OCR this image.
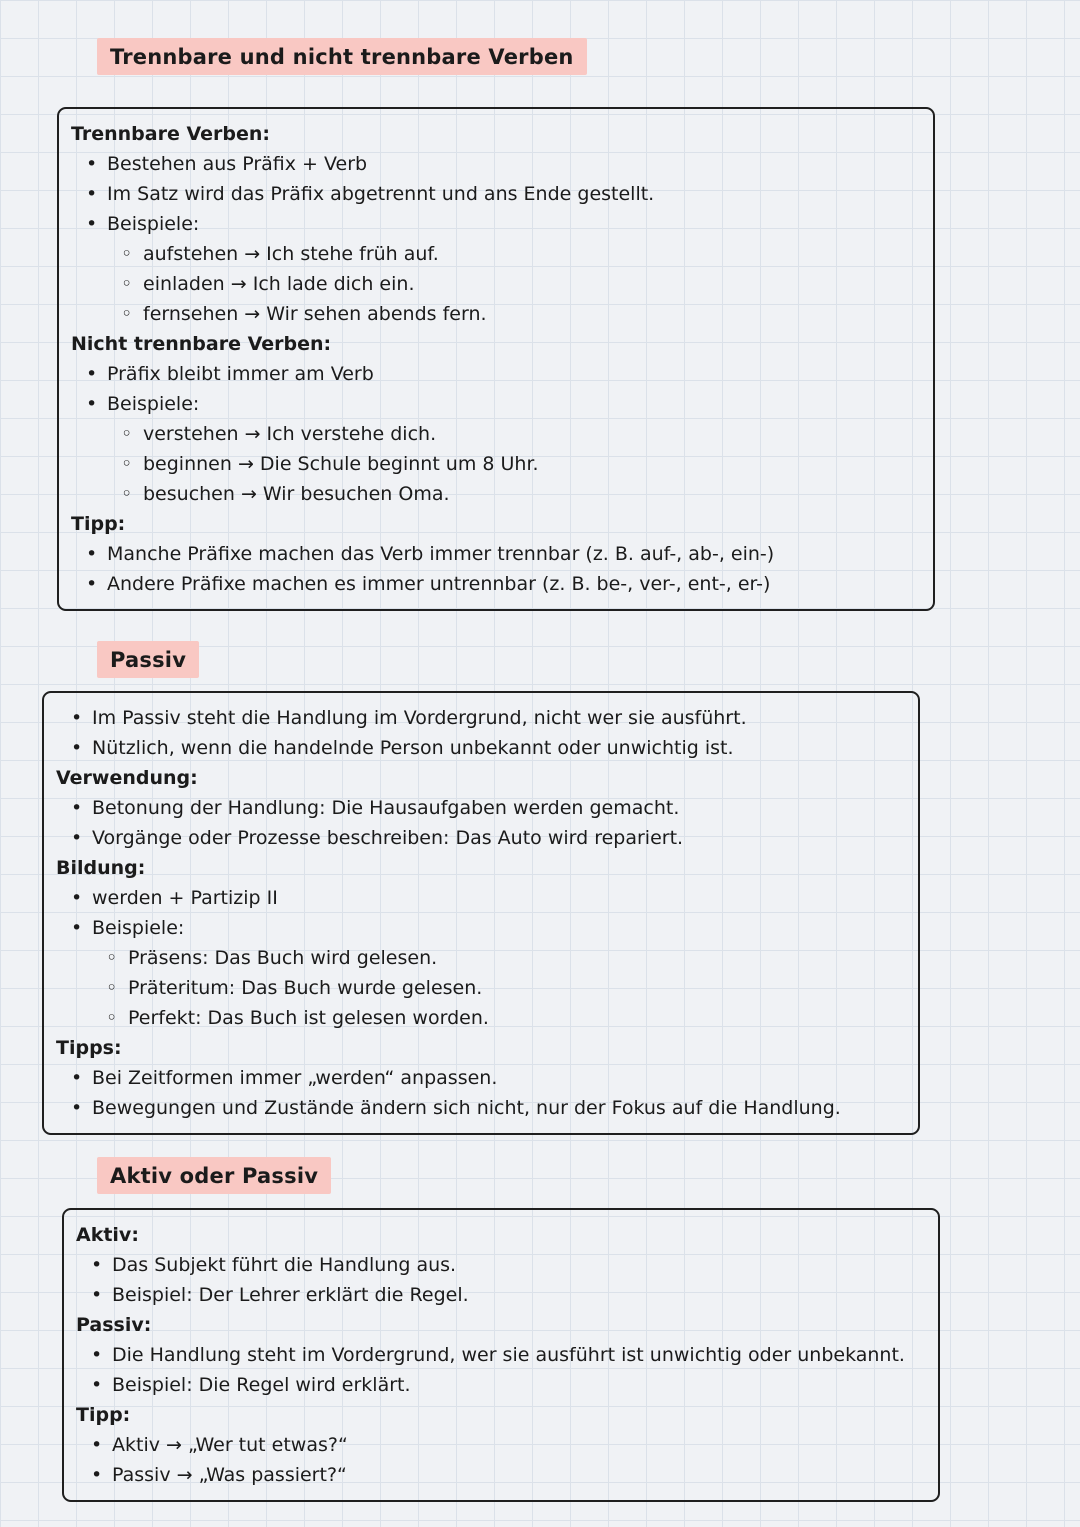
Trennbare und nicht trennbare Verben
Trennbare Verben:
• Bestehen aus Präfix + Verb
• Im Satz wird das Präfix abgetrennt und ans Ende gestellt.
• Beispiele:
◦ aufstehen → Ich stehe früh auf.
◦ einladen → Ich lade dich ein.
◦ fernsehen → Wir sehen abends fern.
Nicht trennbare Verben:
• Präfix bleibt immer am Verb
• Beispiele:
◦ verstehen → Ich verstehe dich.
◦ beginnen → Die Schule beginnt um 8 Uhr.
◦ besuchen → Wir besuchen Oma.
Tipp:
• Manche Präfixe machen das Verb immer trennbar (z. B. auf-, ab-, ein-)
• Andere Präfixe machen es immer untrennbar (z. B. be-, ver-, ent-, er-)
Passiv
• Im Passiv steht die Handlung im Vordergrund, nicht wer sie ausführt.
• Nützlich, wenn die handelnde Person unbekannt oder unwichtig ist.
Verwendung:
• Betonung der Handlung: Die Hausaufgaben werden gemacht.
• Vorgänge oder Prozesse beschreiben: Das Auto wird repariert.
Bildung:
• werden + Partizip II
• Beispiele:
◦ Präsens: Das Buch wird gelesen.
◦ Präteritum: Das Buch wurde gelesen.
◦ Perfekt: Das Buch ist gelesen worden.
Tipps:
• Bei Zeitformen immer „werden“ anpassen.
• Bewegungen und Zustände ändern sich nicht, nur der Fokus auf die Handlung.
Aktiv oder Passiv
Aktiv:
• Das Subjekt führt die Handlung aus.
• Beispiel: Der Lehrer erklärt die Regel.
Passiv:
• Die Handlung steht im Vordergrund, wer sie ausführt ist unwichtig oder unbekannt.
• Beispiel: Die Regel wird erklärt.
Tipp:
• Aktiv → „Wer tut etwas?“
• Passiv → „Was passiert?“
